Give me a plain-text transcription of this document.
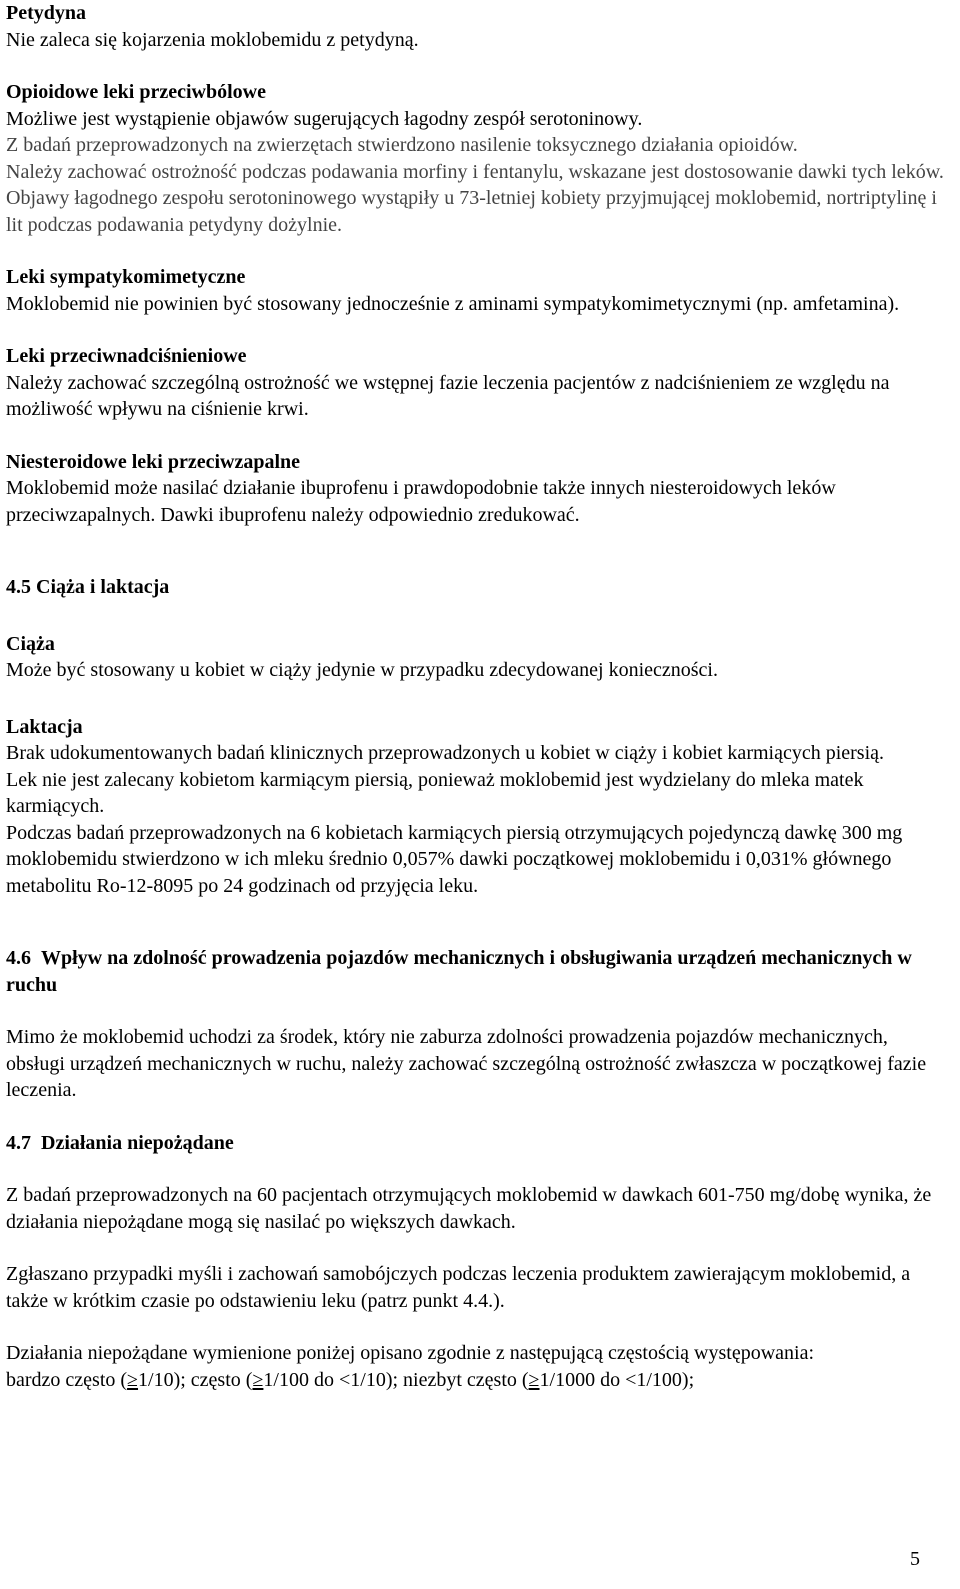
Petydyna

Nie zaleca się kojarzenia moklobemidu z petydyną.

Opioidowe leki przeciwbólowe

Możliwe jest wystąpienie objawów sugerujących łagodny zespół serotoninowy.

Z badań przeprowadzonych na zwierzętach stwierdzono nasilenie toksycznego działania opioidów.

Należy zachować ostrożność podczas podawania morfiny i fentanylu, wskazane jest dostosowanie dawki tych leków.

Objawy łagodnego zespołu serotoninowego wystąpiły u 73-letniej kobiety przyjmującej moklobemid, nortriptylinę i lit podczas podawania petydyny dożylnie.

Leki sympatykomimetyczne

Moklobemid nie powinien być stosowany jednocześnie z aminami sympatykomimetycznymi (np. amfetamina).

Leki przeciwnadciśnieniowe

Należy zachować szczególną ostrożność we wstępnej fazie leczenia pacjentów z nadciśnieniem ze względu na możliwość wpływu na ciśnienie krwi.

Niesteroidowe leki przeciwzapalne

Moklobemid może nasilać działanie ibuprofenu i prawdopodobnie także innych niesteroidowych leków przeciwzapalnych. Dawki ibuprofenu należy odpowiednio zredukować.

4.5 Ciąża i laktacja

Ciąża

Może być stosowany u kobiet w ciąży jedynie w przypadku zdecydowanej konieczności.

Laktacja

Brak udokumentowanych badań klinicznych przeprowadzonych u kobiet w ciąży i kobiet karmiących piersią.

Lek nie jest zalecany kobietom karmiącym piersią, ponieważ moklobemid jest wydzielany do mleka matek karmiących.

Podczas badań przeprowadzonych na 6 kobietach karmiących piersią otrzymujących pojedynczą dawkę 300 mg moklobemidu stwierdzono w ich mleku średnio 0,057% dawki początkowej moklobemidu i 0,031% głównego metabolitu Ro-12-8095 po 24 godzinach od przyjęcia leku.

4.6 Wpływ na zdolność prowadzenia pojazdów mechanicznych i obsługiwania urządzeń mechanicznych w ruchu

Mimo że moklobemid uchodzi za środek, który nie zaburza zdolności prowadzenia pojazdów mechanicznych, obsługi urządzeń mechanicznych w ruchu, należy zachować szczególną ostrożność zwłaszcza w początkowej fazie leczenia.

4.7 Działania niepożądane

Z badań przeprowadzonych na 60 pacjentach otrzymujących moklobemid w dawkach 601-750 mg/dobę wynika, że działania niepożądane mogą się nasilać po większych dawkach.

Zgłaszano przypadki myśli i zachowań samobójczych podczas leczenia produktem zawierającym moklobemid, a także w krótkim czasie po odstawieniu leku (patrz punkt 4.4.).

Działania niepożądane wymienione poniżej opisano zgodnie z następującą częstością występowania:

bardzo często (≥1/10); często (≥1/100 do <1/10); niezbyt często (≥1/1000 do <1/100);

5
